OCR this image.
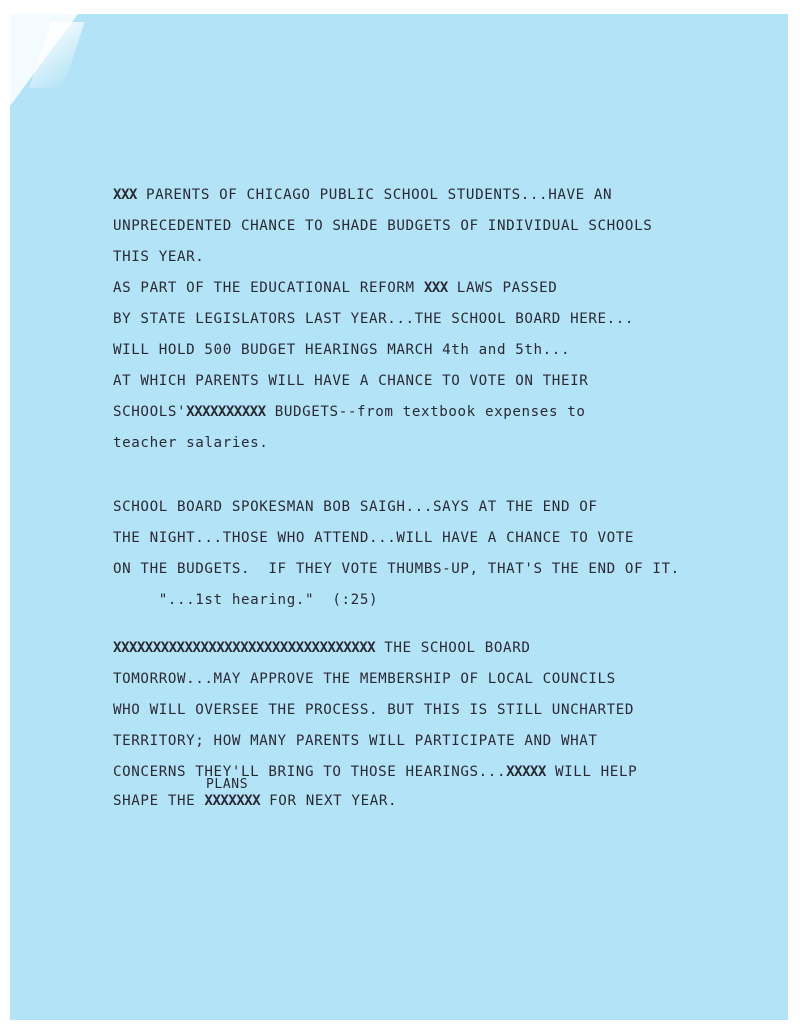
XXX PARENTS OF CHICAGO PUBLIC SCHOOL STUDENTS...HAVE AN
UNPRECEDENTED CHANCE TO SHADE BUDGETS OF INDIVIDUAL SCHOOLS
THIS YEAR.
AS PART OF THE EDUCATIONAL REFORM XXX LAWS PASSED
BY STATE LEGISLATORS LAST YEAR...THE SCHOOL BOARD HERE...
WILL HOLD 500 BUDGET HEARINGS MARCH 4th and 5th...
AT WHICH PARENTS WILL HAVE A CHANCE TO VOTE ON THEIR
SCHOOLS'XXXXXXXXXX BUDGETS--from textbook expenses to
teacher salaries.
SCHOOL BOARD SPOKESMAN BOB SAIGH...SAYS AT THE END OF
THE NIGHT...THOSE WHO ATTEND...WILL HAVE A CHANCE TO VOTE
ON THE BUDGETS.  IF THEY VOTE THUMBS-UP, THAT'S THE END OF IT.
"...1st hearing."  (:25)
XXXXXXXXXXXXXXXXXXXXXXXXXXXXXXXXX THE SCHOOL BOARD
TOMORROW...MAY APPROVE THE MEMBERSHIP OF LOCAL COUNCILS
WHO WILL OVERSEE THE PROCESS. BUT THIS IS STILL UNCHARTED
TERRITORY; HOW MANY PARENTS WILL PARTICIPATE AND WHAT
CONCERNS THEY'LL BRING TO THOSE HEARINGS...XXXXX WILL HELP
PLANS
SHAPE THE XXXXXXX FOR NEXT YEAR.
